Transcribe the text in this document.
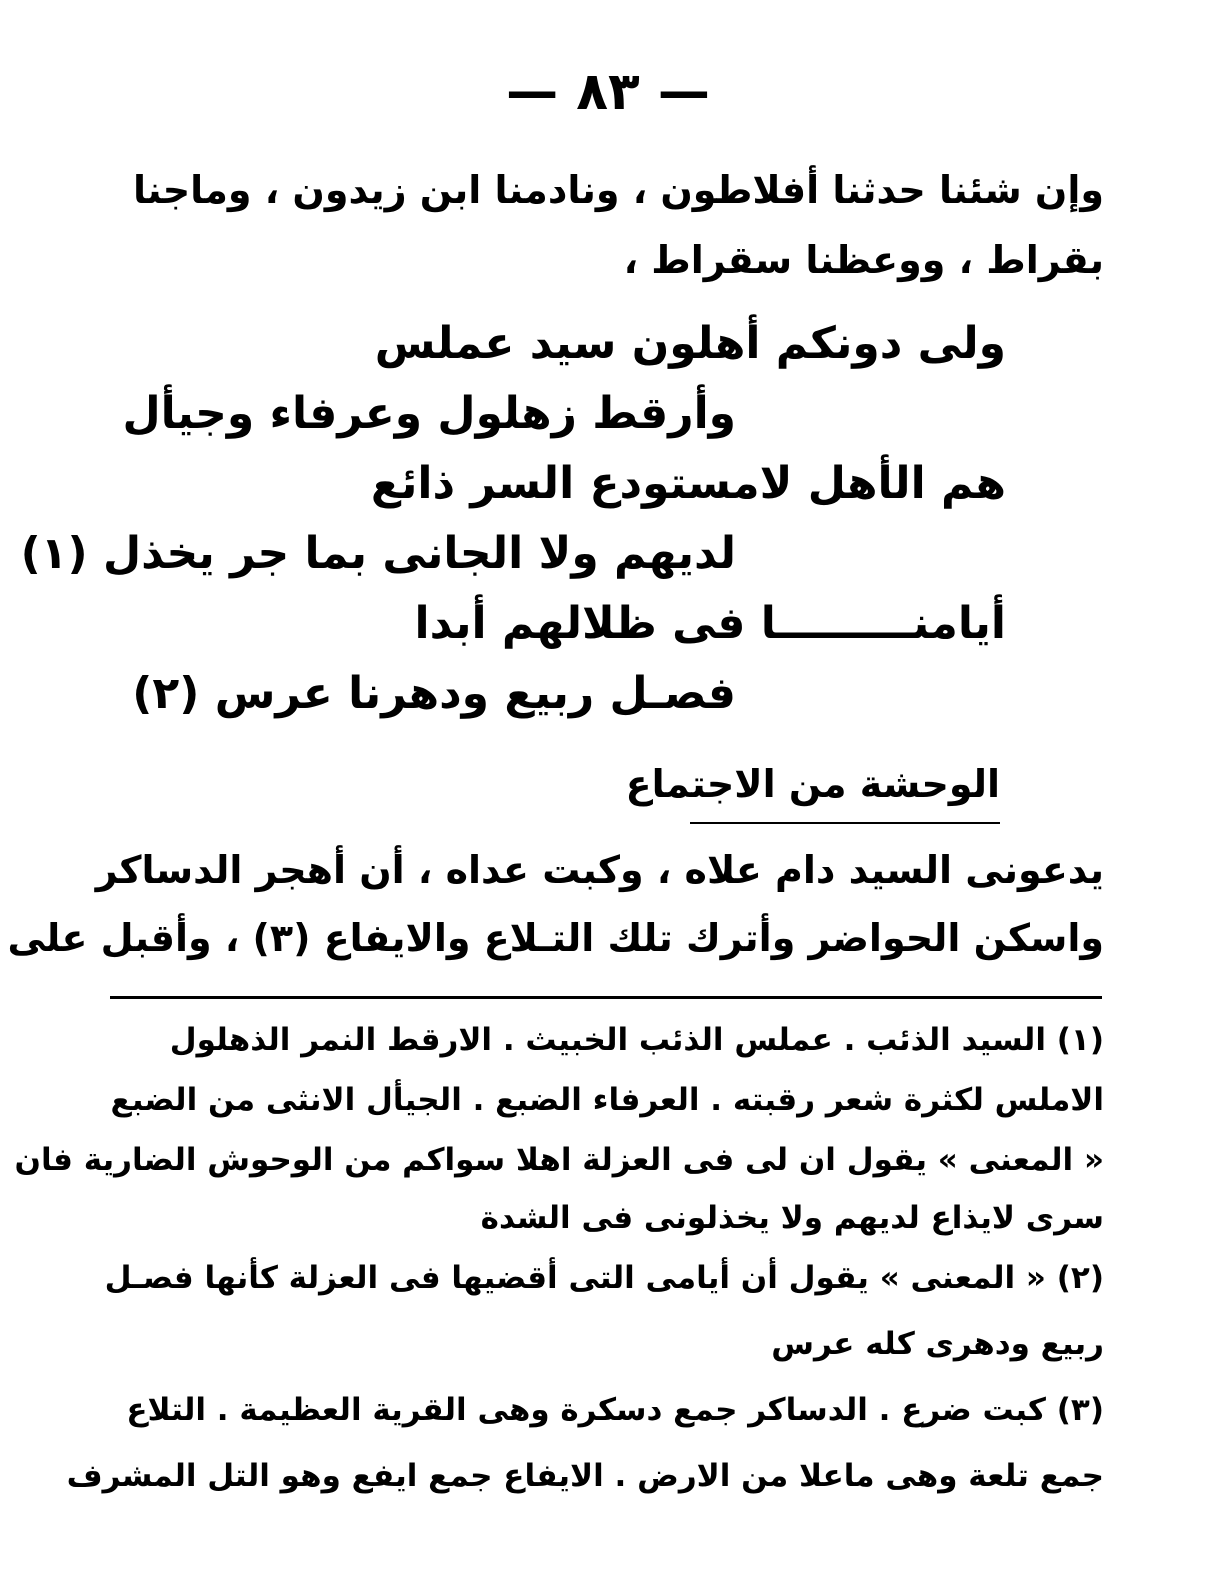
— ٨٣ —
وإن شئنا حدثنا أفلاطون ، ونادمنا ابن زيدون ، وماجنا
بقراط ، ووعظنا سقراط ،
ولى دونكم أهلون سيد عملس
وأرقط زهلول وعرفاء وجيأل
هم الأهل لامستودع السر ذائع
لديهم ولا الجانى بما جر يخذل (١)
أيامنـــــــــا فى ظلالهم أبدا
فصـل ربيع ودهرنا عرس (٢)
الوحشة من الاجتماع
يدعونى السيد دام علاه ، وكبت عداه ، أن أهجر الدساكر
واسكن الحواضر وأترك تلك التـلاع والايفاع (٣) ، وأقبل على
(١) السيد الذئب . عملس الذئب الخبيث . الارقط النمر الذهلول
الاملس لكثرة شعر رقبته . العرفاء الضبع . الجيأل الانثى من الضبع
« المعنى » يقول ان لى فى العزلة اهلا سواكم من الوحوش الضارية فان
سرى لايذاع لديهم ولا يخذلونى فى الشدة
(٢) « المعنى » يقول أن أيامى التى أقضيها فى العزلة كأنها فصـل
ربيع ودهرى كله عرس
(٣) كبت ضرع . الدساكر جمع دسكرة وهى القرية العظيمة . التلاع
جمع تلعة وهى ماعلا من الارض . الايفاع جمع ايفع وهو التل المشرف
